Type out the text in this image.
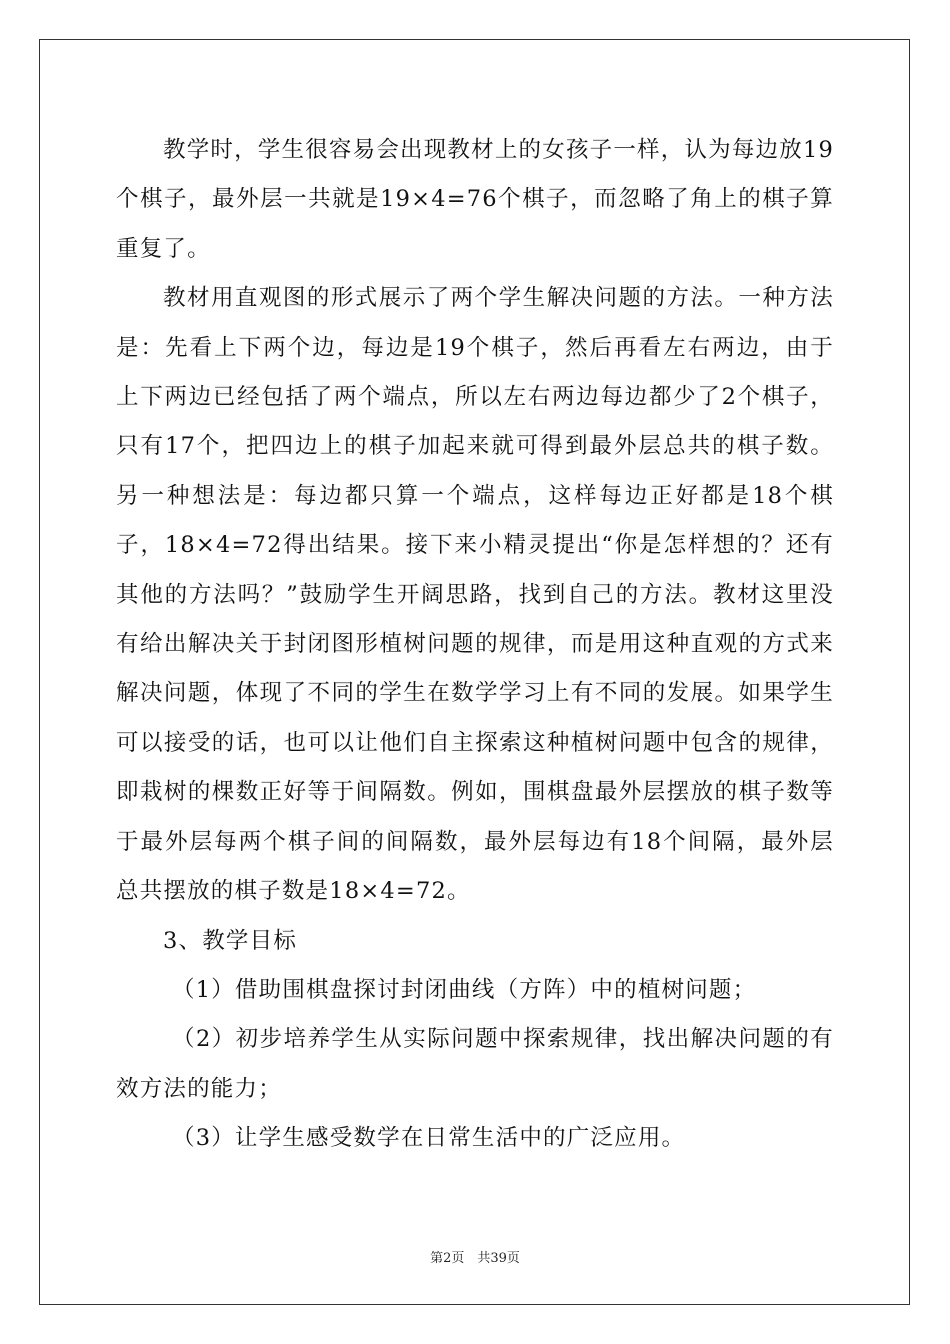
教学时，学生很容易会出现教材上的女孩子一样，认为每边放19个棋子，最外层一共就是19×4=76个棋子，而忽略了角上的棋子算重复了。

教材用直观图的形式展示了两个学生解决问题的方法。一种方法是：先看上下两个边，每边是19个棋子，然后再看左右两边，由于上下两边已经包括了两个端点，所以左右两边每边都少了2个棋子，只有17个，把四边上的棋子加起来就可得到最外层总共的棋子数。另一种想法是：每边都只算一个端点，这样每边正好都是18个棋子，18×4=72得出结果。接下来小精灵提出“你是怎样想的？还有其他的方法吗？”鼓励学生开阔思路，找到自己的方法。教材这里没有给出解决关于封闭图形植树问题的规律，而是用这种直观的方式来解决问题，体现了不同的学生在数学学习上有不同的发展。如果学生可以接受的话，也可以让他们自主探索这种植树问题中包含的规律，即栽树的棵数正好等于间隔数。例如，围棋盘最外层摆放的棋子数等于最外层每两个棋子间的间隔数，最外层每边有18个间隔，最外层总共摆放的棋子数是18×4=72。

3、教学目标

（1）借助围棋盘探讨封闭曲线（方阵）中的植树问题；

（2）初步培养学生从实际问题中探索规律，找出解决问题的有效方法的能力；

（3）让学生感受数学在日常生活中的广泛应用。

第2页　共39页
